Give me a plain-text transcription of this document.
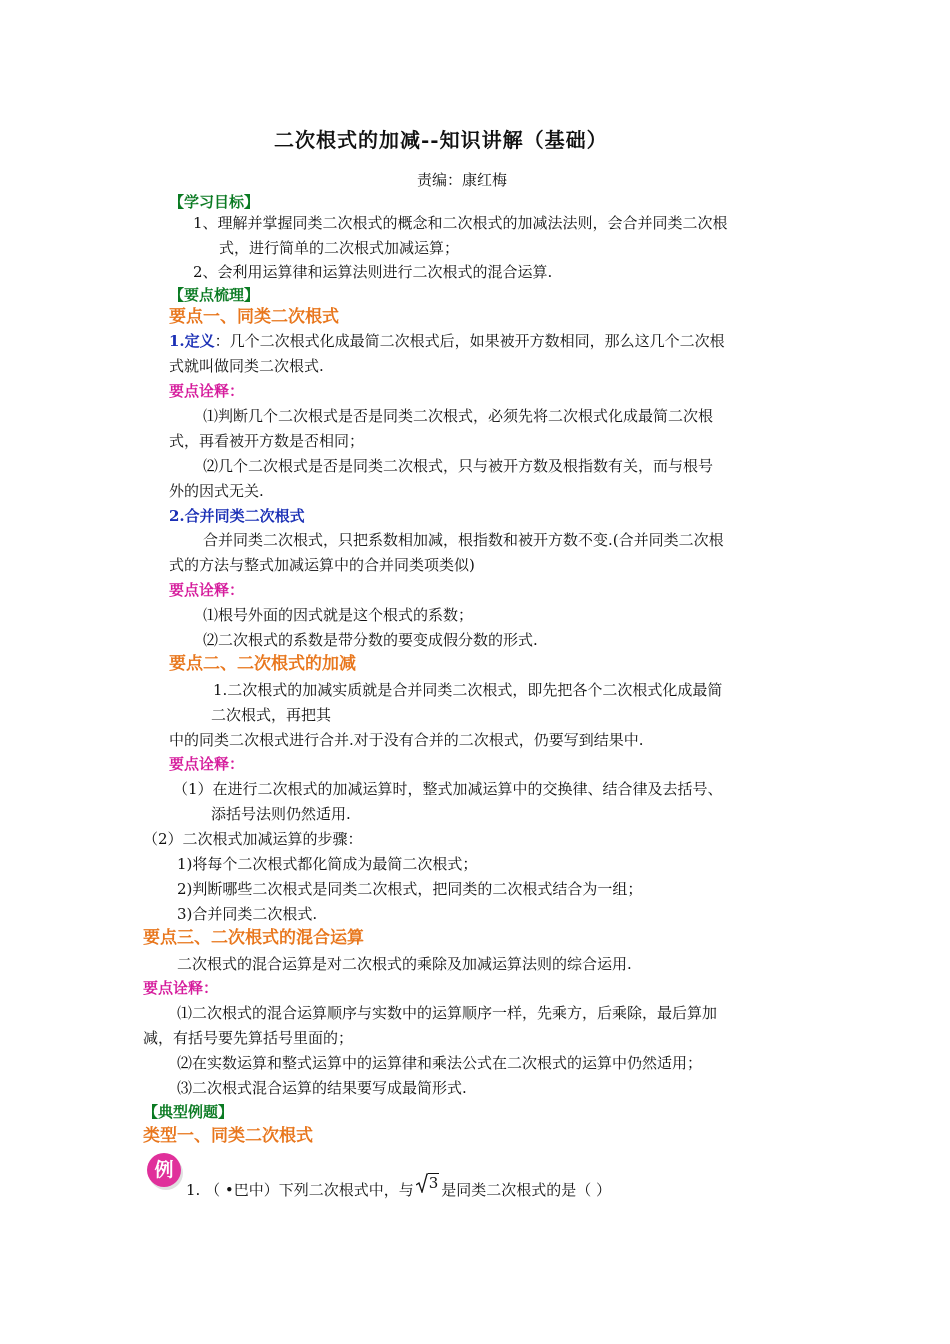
二次根式的加减--知识讲解（基础）
责编：康红梅
【学习目标】
1、理解并掌握同类二次根式的概念和二次根式的加减法法则，会合并同类二次根
式，进行简单的二次根式加减运算；
2、会利用运算律和运算法则进行二次根式的混合运算.
【要点梳理】
要点一、同类二次根式
1.定义：几个二次根式化成最简二次根式后，如果被开方数相同，那么这几个二次根
式就叫做同类二次根式.
要点诠释：
⑴判断几个二次根式是否是同类二次根式，必须先将二次根式化成最简二次根
式，再看被开方数是否相同；
⑵几个二次根式是否是同类二次根式，只与被开方数及根指数有关，而与根号
外的因式无关.
2.合并同类二次根式
合并同类二次根式，只把系数相加减，根指数和被开方数不变.(合并同类二次根
式的方法与整式加减运算中的合并同类项类似)
要点诠释：
⑴根号外面的因式就是这个根式的系数；
⑵二次根式的系数是带分数的要变成假分数的形式.
要点二、二次根式的加减
1.二次根式的加减实质就是合并同类二次根式，即先把各个二次根式化成最简
二次根式，再把其
中的同类二次根式进行合并.对于没有合并的二次根式，仍要写到结果中.
要点诠释：
（1）在进行二次根式的加减运算时，整式加减运算中的交换律、结合律及去括号、
添括号法则仍然适用.
（2）二次根式加减运算的步骤：
1)将每个二次根式都化简成为最简二次根式；
2)判断哪些二次根式是同类二次根式，把同类的二次根式结合为一组；
3)合并同类二次根式.
要点三、二次根式的混合运算
二次根式的混合运算是对二次根式的乘除及加减运算法则的综合运用.
要点诠释：
⑴二次根式的混合运算顺序与实数中的运算顺序一样，先乘方，后乘除，最后算加
减，有括号要先算括号里面的；
⑵在实数运算和整式运算中的运算律和乘法公式在二次根式的运算中仍然适用；
⑶二次根式混合运算的结果要写成最简形式.
【典型例题】
类型一、同类二次根式
例
1. （ •巴中）下列二次根式中，与 3 是同类二次根式的是（ ）
